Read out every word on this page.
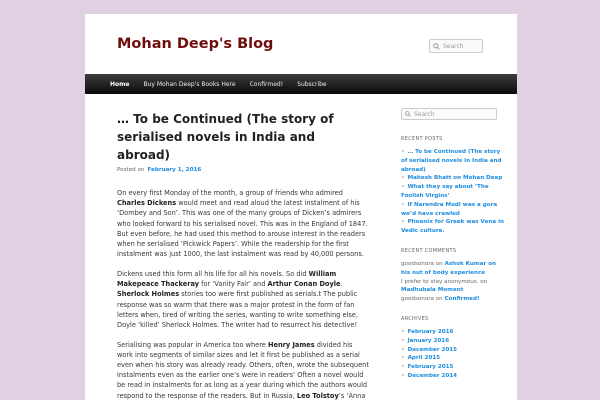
Mohan Deep's Blog
Search
Home Buy Mohan Deep's Books Here Confirmed! Subscribe
… To be Continued (The story of serialised novels in India and abroad)
Posted on February 1, 2016

On every first Monday of the month, a group of friends who admired Charles Dickens would meet and read aloud the latest instalment of his ‘Dombey and Son’. This was one of the many groups of Dicken’s admirers who looked forward to his serialised novel. This was in the England of 1847. But even before, he had used this method to arouse interest in the readers when he serialised ‘Pickwick Papers’. While the readership for the first instalment was just 1000, the last instalment was read by 40,000 persons.

Dickens used this form all his life for all his novels. So did William Makepeace Thackeray for ‘Vanity Fair’ and Arthur Conan Doyle. Sherlock Holmes stories too were first published as serials.t The public response was so warm that there was a major protest in the form of fan letters when, tired of writing the series, wanting to write something else, Doyle ‘killed’ Sherlock Holmes. The writer had to resurrect his detective!

Serialising was popular in America too where Henry James divided his work into segments of similar sizes and let it first be published as a serial even when his story was already ready. Others, often, wrote the subsequent instalments even as the earlier one’s were in readers’ Often a novel would be read in instalments for as long as a year during which the authors would respond to the response of the readers. But in Russia, Leo Tolstoy’s ‘Anna

Search
RECENT POSTS
• … To be Continued (The story of serialised novels in India and abroad)
• Mahesh Bhatt on Mohan Deep
• What they say about ‘The Foolish Virgins’
• If Narendra Modi was a gora we’d have crawled
• Phoenix for Greek was Vena in Vedic culture.
RECENT COMMENTS
goodsonora on Ashok Kumar on his out of body experience
I prefer to stay anonymous. on Madhubala Moment
goodsonora on Confirmed!
ARCHIVES
• February 2016
• January 2016
• December 2015
• April 2015
• February 2015
• December 2014
